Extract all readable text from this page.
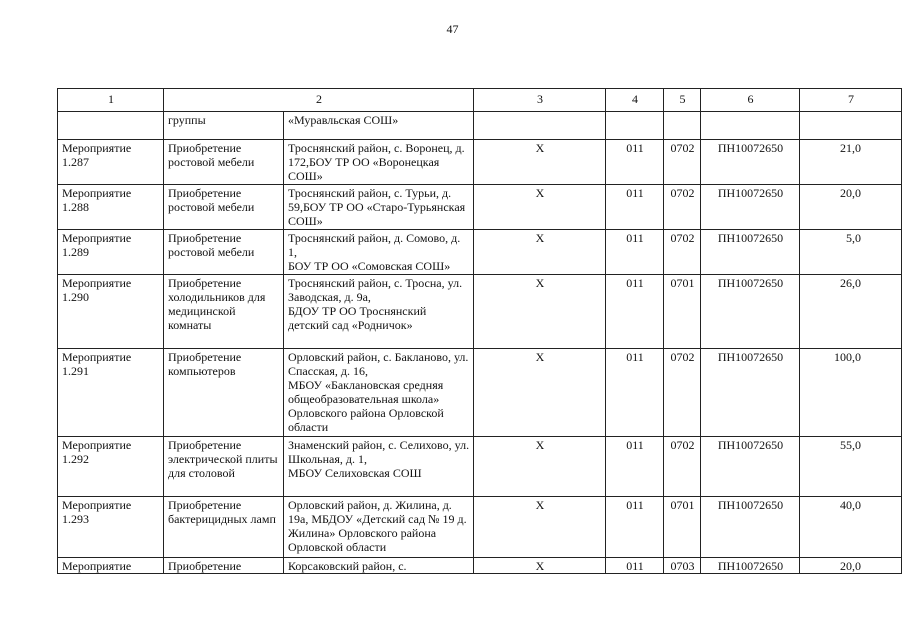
47
1	2		3	4	5	6	7
	группы	«Муравльская СОШ»					
Мероприятие 1.287	Приобретение ростовой мебели	Троснянский район, с. Воронец, д. 172,БОУ ТР ОО «Воронецкая СОШ»	X	011	0702	ПН10072650	21,0
Мероприятие 1.288	Приобретение ростовой мебели	Троснянский район, с. Турьи, д. 59,БОУ ТР ОО «Старо-Турьянская СОШ»	X	011	0702	ПН10072650	20,0
Мероприятие 1.289	Приобретение ростовой мебели	Троснянский район, д. Сомово, д. 1,
БОУ ТР ОО «Сомовская СОШ»	X	011	0702	ПН10072650	5,0
Мероприятие 1.290	Приобретение холодильников для медицинской комнаты	Троснянский район, с. Тросна, ул. Заводская, д. 9а,
БДОУ ТР ОО Троснянский детский сад «Родничок»	X	011	0701	ПН10072650	26,0
Мероприятие 1.291	Приобретение компьютеров	Орловский район, с. Бакланово, ул. Спасская, д. 16,
МБОУ «Баклановская средняя общеобразовательная школа» Орловского района Орловской области	X	011	0702	ПН10072650	100,0
Мероприятие 1.292	Приобретение электрической плиты для столовой	Знаменский район, с. Селихово, ул. Школьная, д. 1,
МБОУ Селиховская СОШ	X	011	0702	ПН10072650	55,0
Мероприятие 1.293	Приобретение бактерицидных ламп	Орловский район, д. Жилина, д. 19а, МБДОУ «Детский сад № 19 д. Жилина» Орловского района Орловской области	X	011	0701	ПН10072650	40,0
Мероприятие	Приобретение	Корсаковский район, с.	X	011	0703	ПН10072650	20,0
